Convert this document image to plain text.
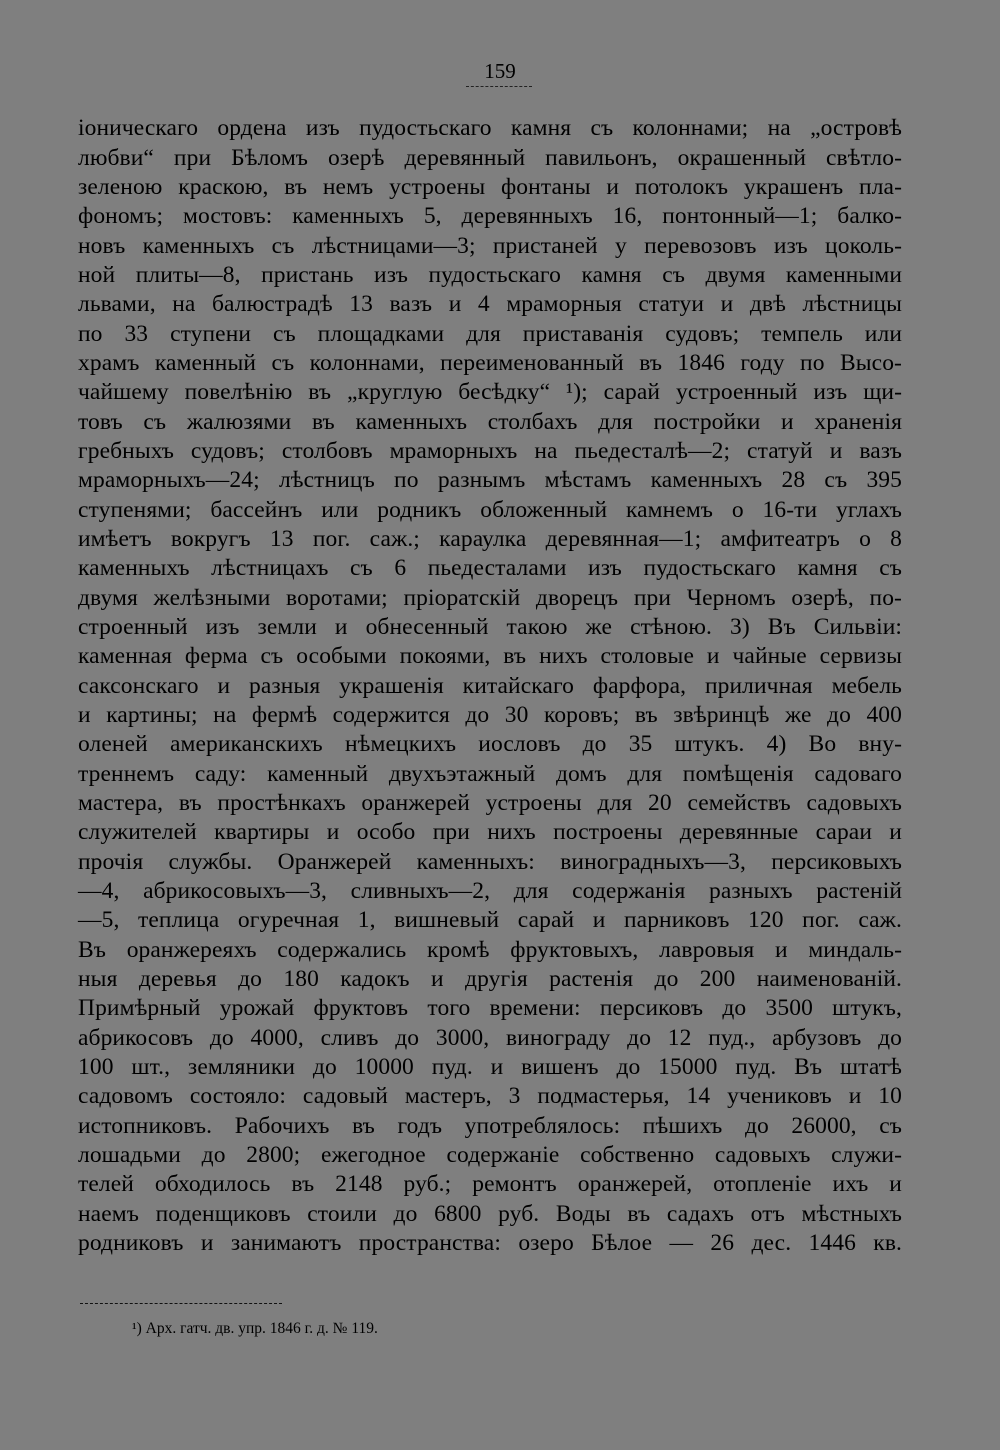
159
іоническаго ордена изъ пудостьскаго камня съ колоннами; на „островѣ
любви“ при Бѣломъ озерѣ деревянный павильонъ, окрашенный свѣтло-
зеленою краскою, въ немъ устроены фонтаны и потолокъ украшенъ пла-
фономъ; мостовъ: каменныхъ 5, деревянныхъ 16, понтонный—1; балко-
новъ каменныхъ съ лѣстницами—3; пристаней у перевозовъ изъ цоколь-
ной плиты—8, пристань изъ пудостьскаго камня съ двумя каменными
львами, на балюстрадѣ 13 вазъ и 4 мраморныя статуи и двѣ лѣстницы
по 33 ступени съ площадками для приставанія судовъ; темпель или
храмъ каменный съ колоннами, переименованный въ 1846 году по Высо-
чайшему повелѣнію въ „круглую бесѣдку“ ¹); сарай устроенный изъ щи-
товъ съ жалюзями въ каменныхъ столбахъ для постройки и храненія
гребныхъ судовъ; столбовъ мраморныхъ на пьедесталѣ—2; статуй и вазъ
мраморныхъ—24; лѣстницъ по разнымъ мѣстамъ каменныхъ 28 съ 395
ступенями; бассейнъ или родникъ обложенный камнемъ о 16-ти углахъ
имѣетъ вокругъ 13 пог. саж.; караулка деревянная—1; амфитеатръ о 8
каменныхъ лѣстницахъ съ 6 пьедесталами изъ пудостьскаго камня съ
двумя желѣзными воротами; пріоратскій дворецъ при Черномъ озерѣ, по-
строенный изъ земли и обнесенный такою же стѣною. 3) Въ Сильвіи:
каменная ферма съ особыми покоями, въ нихъ столовые и чайные сервизы
саксонскаго и разныя украшенія китайскаго фарфора, приличная мебель
и картины; на фермѣ содержится до 30 коровъ; въ звѣринцѣ же до 400
оленей американскихъ нѣмецкихъ иословъ до 35 штукъ. 4) Во вну-
треннемъ саду: каменный двухъэтажный домъ для помѣщенія садоваго
мастера, въ простѣнкахъ оранжерей устроены для 20 семействъ садовыхъ
служителей квартиры и особо при нихъ построены деревянные сараи и
прочія службы. Оранжерей каменныхъ: виноградныхъ—3, персиковыхъ
—4, абрикосовыхъ—3, сливныхъ—2, для содержанія разныхъ растеній
—5, теплица огуречная 1, вишневый сарай и парниковъ 120 пог. саж.
Въ оранжереяхъ содержались кромѣ фруктовыхъ, лавровыя и миндаль-
ныя деревья до 180 кадокъ и другія растенія до 200 наименованій.
Примѣрный урожай фруктовъ того времени: персиковъ до 3500 штукъ,
абрикосовъ до 4000, сливъ до 3000, винограду до 12 пуд., арбузовъ до
100 шт., земляники до 10000 пуд. и вишенъ до 15000 пуд. Въ штатѣ
садовомъ состояло: садовый мастеръ, 3 подмастерья, 14 учениковъ и 10
истопниковъ. Рабочихъ въ годъ употреблялось: пѣшихъ до 26000, съ
лошадьми до 2800; ежегодное содержаніе собственно садовыхъ служи-
телей обходилось въ 2148 руб.; ремонтъ оранжерей, отопленіе ихъ и
наемъ поденщиковъ стоили до 6800 руб. Воды въ садахъ отъ мѣстныхъ
родниковъ и занимаютъ пространства: озеро Бѣлое — 26 дес. 1446 кв.
¹) Арх. гатч. дв. упр. 1846 г. д. № 119.
